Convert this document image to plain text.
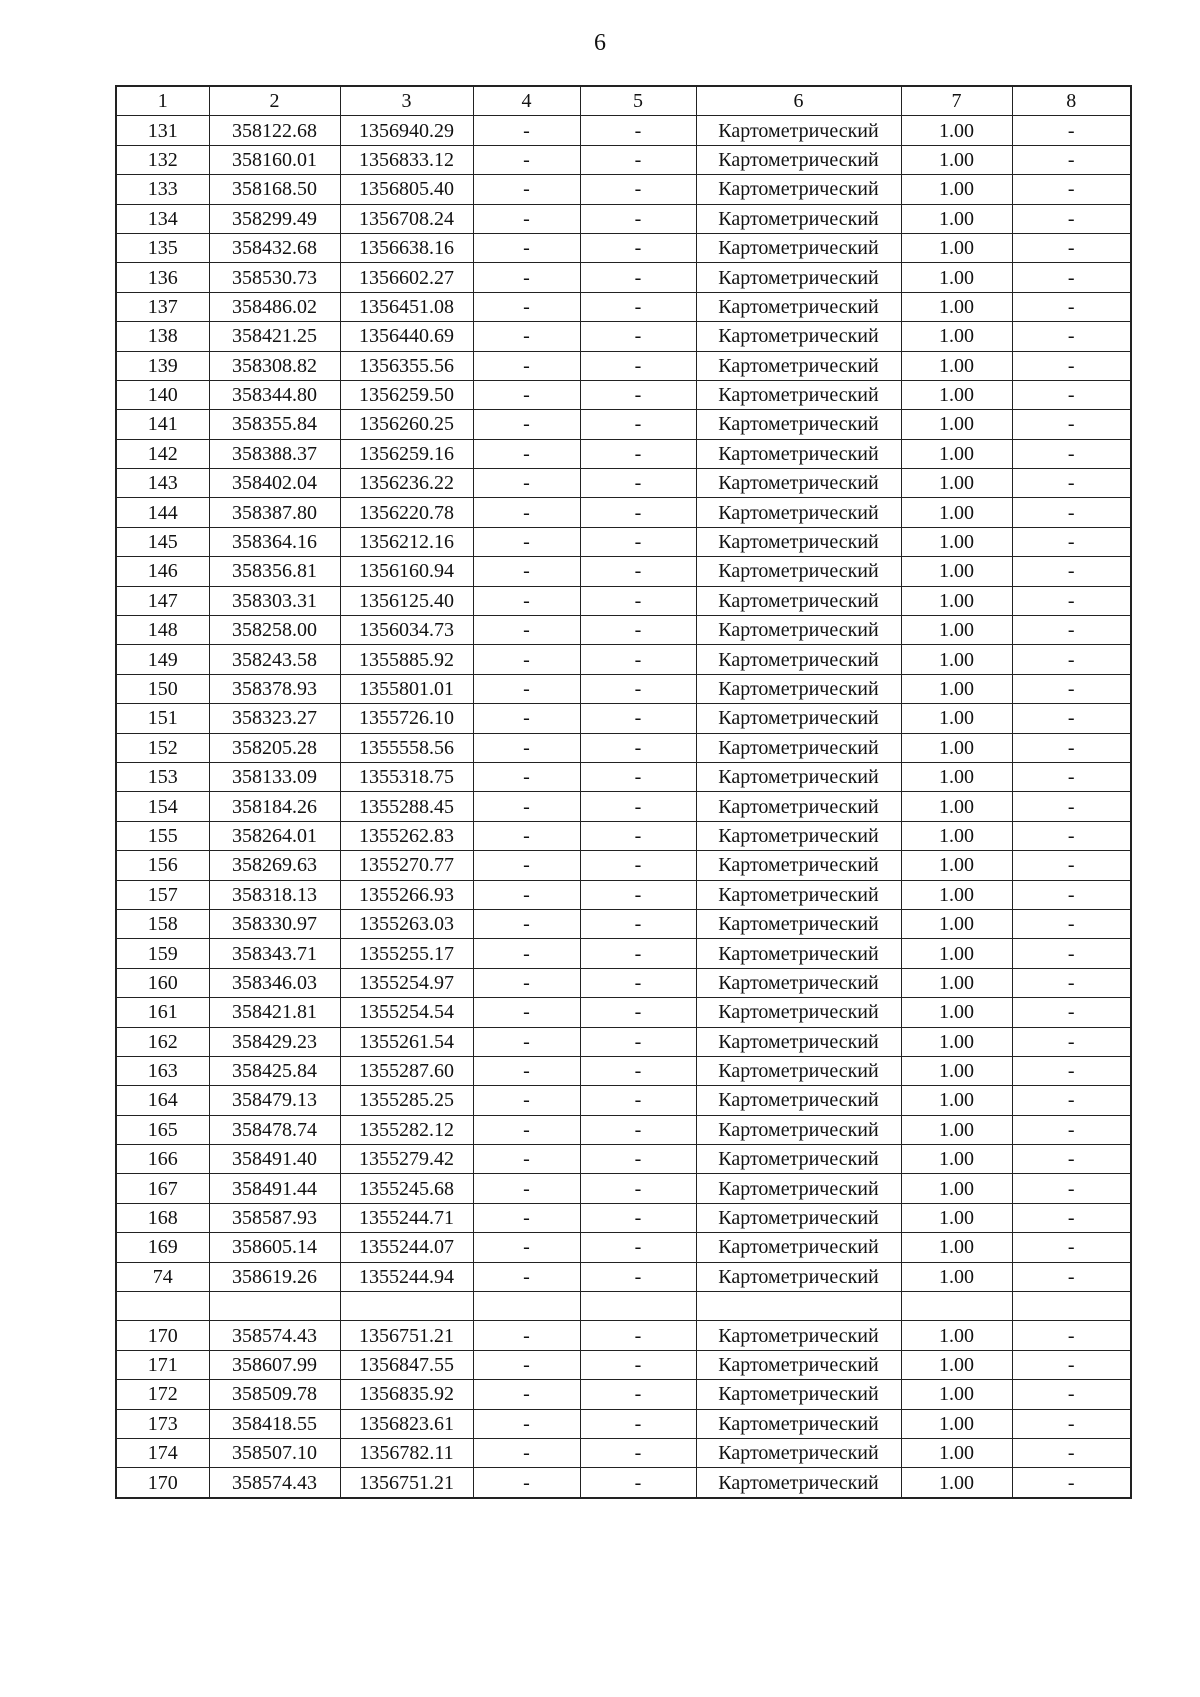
6
1	2	3	4	5	6	7	8
131	358122.68	1356940.29	-	-	Картометрический	1.00	-
132	358160.01	1356833.12	-	-	Картометрический	1.00	-
133	358168.50	1356805.40	-	-	Картометрический	1.00	-
134	358299.49	1356708.24	-	-	Картометрический	1.00	-
135	358432.68	1356638.16	-	-	Картометрический	1.00	-
136	358530.73	1356602.27	-	-	Картометрический	1.00	-
137	358486.02	1356451.08	-	-	Картометрический	1.00	-
138	358421.25	1356440.69	-	-	Картометрический	1.00	-
139	358308.82	1356355.56	-	-	Картометрический	1.00	-
140	358344.80	1356259.50	-	-	Картометрический	1.00	-
141	358355.84	1356260.25	-	-	Картометрический	1.00	-
142	358388.37	1356259.16	-	-	Картометрический	1.00	-
143	358402.04	1356236.22	-	-	Картометрический	1.00	-
144	358387.80	1356220.78	-	-	Картометрический	1.00	-
145	358364.16	1356212.16	-	-	Картометрический	1.00	-
146	358356.81	1356160.94	-	-	Картометрический	1.00	-
147	358303.31	1356125.40	-	-	Картометрический	1.00	-
148	358258.00	1356034.73	-	-	Картометрический	1.00	-
149	358243.58	1355885.92	-	-	Картометрический	1.00	-
150	358378.93	1355801.01	-	-	Картометрический	1.00	-
151	358323.27	1355726.10	-	-	Картометрический	1.00	-
152	358205.28	1355558.56	-	-	Картометрический	1.00	-
153	358133.09	1355318.75	-	-	Картометрический	1.00	-
154	358184.26	1355288.45	-	-	Картометрический	1.00	-
155	358264.01	1355262.83	-	-	Картометрический	1.00	-
156	358269.63	1355270.77	-	-	Картометрический	1.00	-
157	358318.13	1355266.93	-	-	Картометрический	1.00	-
158	358330.97	1355263.03	-	-	Картометрический	1.00	-
159	358343.71	1355255.17	-	-	Картометрический	1.00	-
160	358346.03	1355254.97	-	-	Картометрический	1.00	-
161	358421.81	1355254.54	-	-	Картометрический	1.00	-
162	358429.23	1355261.54	-	-	Картометрический	1.00	-
163	358425.84	1355287.60	-	-	Картометрический	1.00	-
164	358479.13	1355285.25	-	-	Картометрический	1.00	-
165	358478.74	1355282.12	-	-	Картометрический	1.00	-
166	358491.40	1355279.42	-	-	Картометрический	1.00	-
167	358491.44	1355245.68	-	-	Картометрический	1.00	-
168	358587.93	1355244.71	-	-	Картометрический	1.00	-
169	358605.14	1355244.07	-	-	Картометрический	1.00	-
74	358619.26	1355244.94	-	-	Картометрический	1.00	-

170	358574.43	1356751.21	-	-	Картометрический	1.00	-
171	358607.99	1356847.55	-	-	Картометрический	1.00	-
172	358509.78	1356835.92	-	-	Картометрический	1.00	-
173	358418.55	1356823.61	-	-	Картометрический	1.00	-
174	358507.10	1356782.11	-	-	Картометрический	1.00	-
170	358574.43	1356751.21	-	-	Картометрический	1.00	-
